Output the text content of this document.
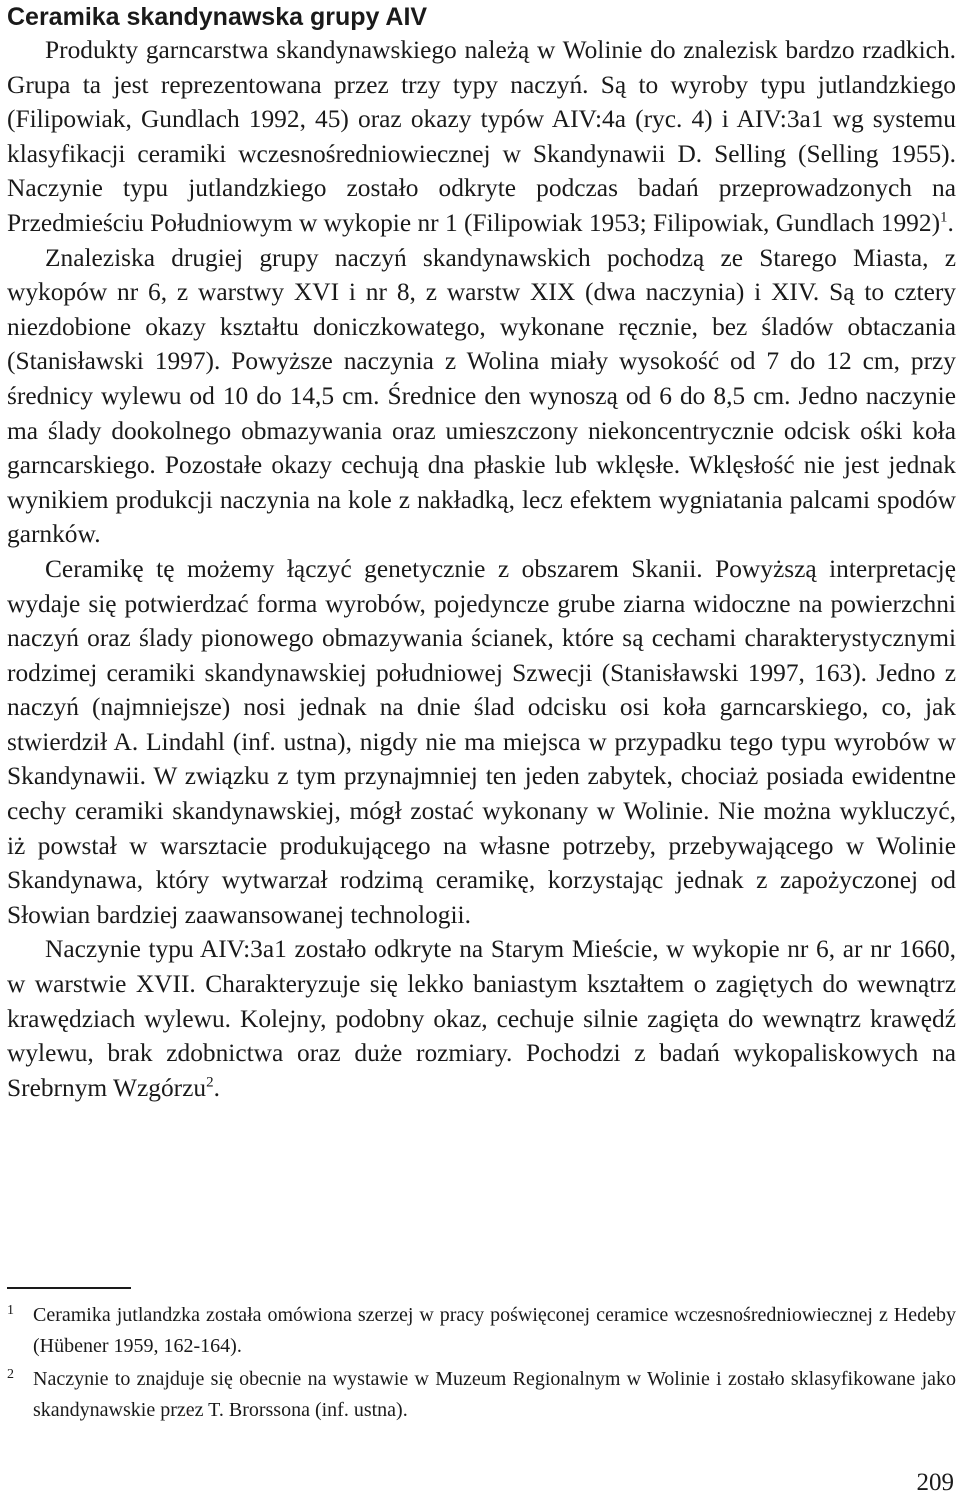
Ceramika skandynawska grupy AIV

Produkty garncarstwa skandynawskiego należą w Wolinie do znalezisk bardzo rzadkich. Grupa ta jest reprezentowana przez trzy typy naczyń. Są to wyroby typu jutlandzkiego (Filipowiak, Gundlach 1992, 45) oraz okazy typów AIV:4a (ryc. 4) i AIV:3a1 wg systemu klasyfikacji ceramiki wczesnośredniowiecznej w Skandynawii D. Selling (Selling 1955). Naczynie typu jutlandzkiego zostało odkryte podczas badań przeprowadzonych na Przedmieściu Południowym w wykopie nr 1 (Filipowiak 1953; Filipowiak, Gundlach 1992)$^1$.

Znaleziska drugiej grupy naczyń skandynawskich pochodzą ze Starego Miasta, z wykopów nr 6, z warstwy XVI i nr 8, z warstw XIX (dwa naczynia) i XIV. Są to cztery niezdobione okazy kształtu doniczkowatego, wykonane ręcznie, bez śladów obtaczania (Stanisławski 1997). Powyższe naczynia z Wolina miały wysokość od 7 do 12 cm, przy średnicy wylewu od 10 do 14,5 cm. Średnice den wynoszą od 6 do 8,5 cm. Jedno naczynie ma ślady dookolnego obmazywania oraz umieszczony niekoncentrycznie odcisk ośki koła garncarskiego. Pozostałe okazy cechują dna płaskie lub wklęsłe. Wklęsłość nie jest jednak wynikiem produkcji naczynia na kole z nakładką, lecz efektem wygniatania palcami spodów garnków.

Ceramikę tę możemy łączyć genetycznie z obszarem Skanii. Powyższą interpretację wydaje się potwierdzać forma wyrobów, pojedyncze grube ziarna widoczne na powierzchni naczyń oraz ślady pionowego obmazywania ścianek, które są cechami charakterystycznymi rodzimej ceramiki skandynawskiej południowej Szwecji (Stanisławski 1997, 163). Jedno z naczyń (najmniejsze) nosi jednak na dnie ślad odcisku osi koła garncarskiego, co, jak stwierdził A. Lindahl (inf. ustna), nigdy nie ma miejsca w przypadku tego typu wyrobów w Skandynawii. W związku z tym przynajmniej ten jeden zabytek, chociaż posiada ewidentne cechy ceramiki skandynawskiej, mógł zostać wykonany w Wolinie. Nie można wykluczyć, iż powstał w warsztacie produkującego na własne potrzeby, przebywającego w Wolinie Skandynawa, który wytwarzał rodzimą ceramikę, korzystając jednak z zapożyczonej od Słowian bardziej zaawansowanej technologii.

Naczynie typu AIV:3a1 zostało odkryte na Starym Mieście, w wykopie nr 6, ar nr 1660, w warstwie XVII. Charakteryzuje się lekko baniastym kształtem o zagiętych do wewnątrz krawędziach wylewu. Kolejny, podobny okaz, cechuje silnie zagięta do wewnątrz krawędź wylewu, brak zdobnictwa oraz duże rozmiary. Pochodzi z badań wykopaliskowych na Srebrnym Wzgórzu$^2$.

1 Ceramika jutlandzka została omówiona szerzej w pracy poświęconej ceramice wczesnośredniowiecznej z Hedeby (Hübener 1959, 162-164).
2 Naczynie to znajduje się obecnie na wystawie w Muzeum Regionalnym w Wolinie i zostało sklasyfikowane jako skandynawskie przez T. Brorssona (inf. ustna).
209
